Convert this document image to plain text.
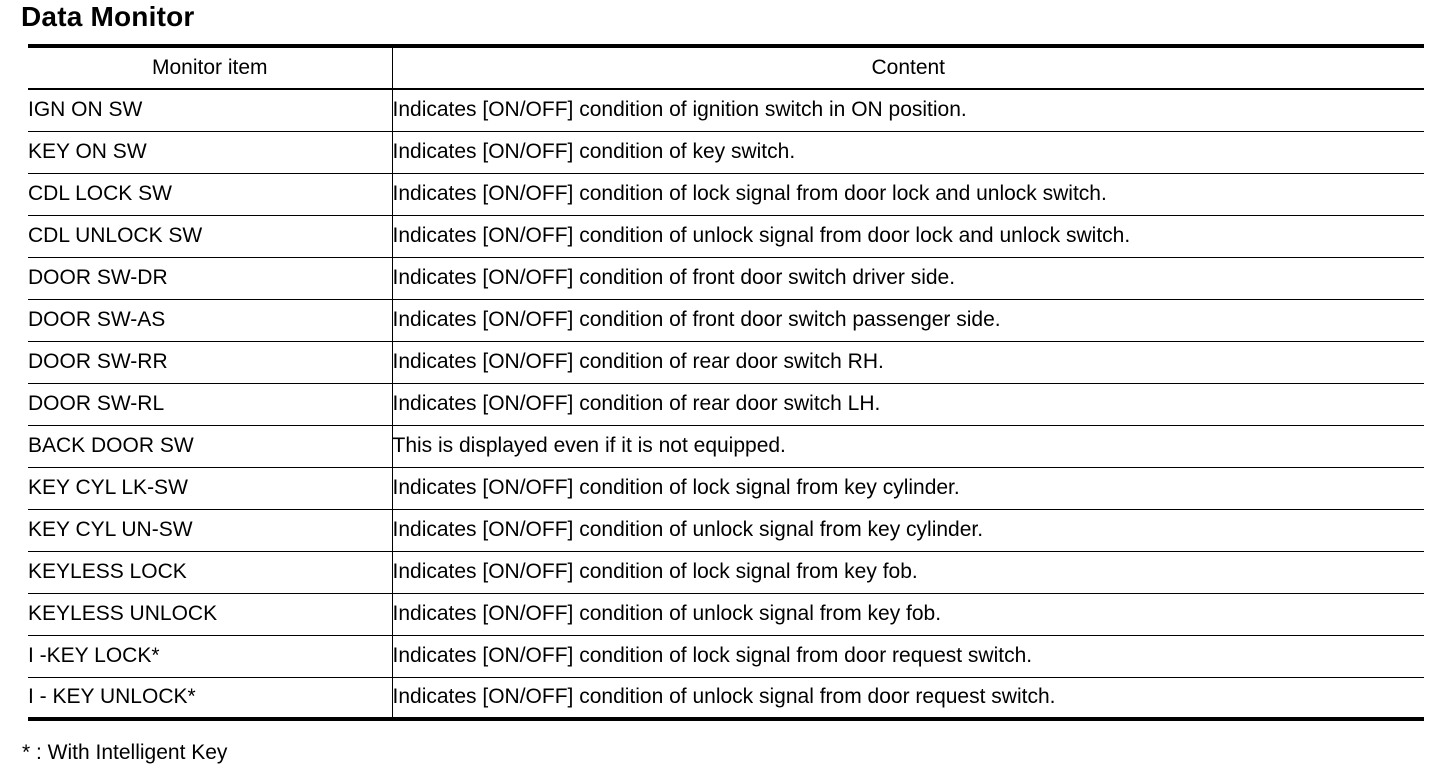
Data Monitor
Monitor item	Content
IGN ON SW	Indicates [ON/OFF] condition of ignition switch in ON position.
KEY ON SW	Indicates [ON/OFF] condition of key switch.
CDL LOCK SW	Indicates [ON/OFF] condition of lock signal from door lock and unlock switch.
CDL UNLOCK SW	Indicates [ON/OFF] condition of unlock signal from door lock and unlock switch.
DOOR SW-DR	Indicates [ON/OFF] condition of front door switch driver side.
DOOR SW-AS	Indicates [ON/OFF] condition of front door switch passenger side.
DOOR SW-RR	Indicates [ON/OFF] condition of rear door switch RH.
DOOR SW-RL	Indicates [ON/OFF] condition of rear door switch LH.
BACK DOOR SW	This is displayed even if it is not equipped.
KEY CYL LK-SW	Indicates [ON/OFF] condition of lock signal from key cylinder.
KEY CYL UN-SW	Indicates [ON/OFF] condition of unlock signal from key cylinder.
KEYLESS LOCK	Indicates [ON/OFF] condition of lock signal from key fob.
KEYLESS UNLOCK	Indicates [ON/OFF] condition of unlock signal from key fob.
I -KEY LOCK*	Indicates [ON/OFF] condition of lock signal from door request switch.
I - KEY UNLOCK*	Indicates [ON/OFF] condition of unlock signal from door request switch.
* : With Intelligent Key
